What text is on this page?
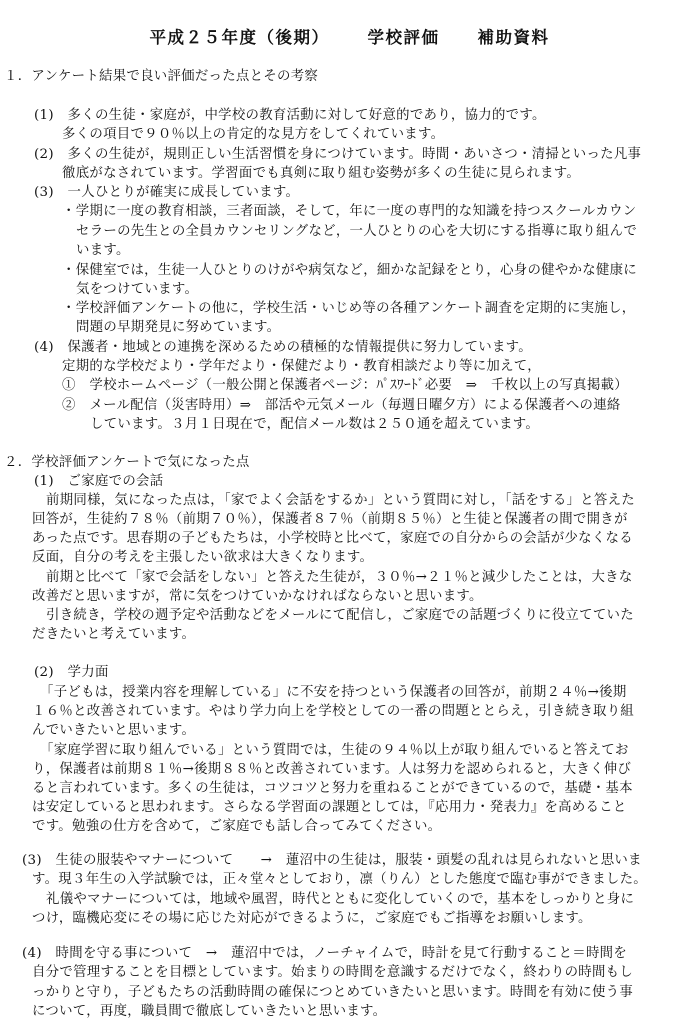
平成２５年度（後期） 学校評価 補助資料
１．アンケート結果で良い評価だった点とその考察
(1)　多くの生徒・家庭が，中学校の教育活動に対して好意的であり，協力的です。
多くの項目で９０％以上の肯定的な見方をしてくれています。
(2)　多くの生徒が，規則正しい生活習慣を身につけています。時間・あいさつ・清掃といった凡事
徹底がなされています。学習面でも真剣に取り組む姿勢が多くの生徒に見られます。
(3)　一人ひとりが確実に成長しています。
・学期に一度の教育相談，三者面談，そして，年に一度の専門的な知識を持つスクールカウン
セラーの先生との全員カウンセリングなど，一人ひとりの心を大切にする指導に取り組んで
います。
・保健室では，生徒一人ひとりのけがや病気など，細かな記録をとり，心身の健やかな健康に
気をつけています。
・学校評価アンケートの他に，学校生活・いじめ等の各種アンケート調査を定期的に実施し，
問題の早期発見に努めています。
(4)　保護者・地域との連携を深めるための積極的な情報提供に努力しています。
定期的な学校だより・学年だより・保健だより・教育相談だより等に加えて，
①　学校ホームページ（一般公開と保護者ページ：ﾊﾟｽﾜｰﾄﾞ必要　⇒　千枚以上の写真掲載）
②　メール配信（災害時用）⇒　部活や元気メール（毎週日曜夕方）による保護者への連絡
しています。３月１日現在で，配信メール数は２５０通を超えています。
２．学校評価アンケートで気になった点
(1)　ご家庭での会話
前期同様，気になった点は，「家でよく会話をするか」という質問に対し，「話をする」と答えた
回答が，生徒約７８％（前期７０％），保護者８７％（前期８５％）と生徒と保護者の間で開きが
あった点です。思春期の子どもたちは，小学校時と比べて，家庭での自分からの会話が少なくなる
反面，自分の考えを主張したい欲求は大きくなります。
前期と比べて「家で会話をしない」と答えた生徒が，３０％→２１％と減少したことは，大きな
改善だと思いますが，常に気をつけていかなければならないと思います。
引き続き，学校の週予定や活動などをメールにて配信し，ご家庭での話題づくりに役立てていた
だきたいと考えています。
(2)　学力面
「子どもは，授業内容を理解している」に不安を持つという保護者の回答が，前期２４％→後期
１６％と改善されています。やはり学力向上を学校としての一番の問題ととらえ，引き続き取り組
んでいきたいと思います。
「家庭学習に取り組んでいる」という質問では，生徒の９４％以上が取り組んでいると答えてお
り，保護者は前期８１％→後期８８％と改善されています。人は努力を認められると，大きく伸び
ると言われています。多くの生徒は，コツコツと努力を重ねることができているので，基礎・基本
は安定していると思われます。さらなる学習面の課題としては，『応用力・発表力』を高めること
です。勉強の仕方を含めて，ご家庭でも話し合ってみてください。
(3)　生徒の服装やマナーについて　　→　蓮沼中の生徒は，服装・頭髪の乱れは見られないと思いま
す。現３年生の入学試験では，正々堂々としており，凛（りん）とした態度で臨む事ができました。
礼儀やマナーについては，地域や風習，時代とともに変化していくので，基本をしっかりと身に
つけ，臨機応変にその場に応じた対応ができるように，ご家庭でもご指導をお願いします。
(4)　時間を守る事について　→　蓮沼中では，ノーチャイムで，時計を見て行動すること＝時間を
自分で管理することを目標としています。始まりの時間を意識するだけでなく，終わりの時間もし
っかりと守り，子どもたちの活動時間の確保につとめていきたいと思います。時間を有効に使う事
について，再度，職員間で徹底していきたいと思います。
